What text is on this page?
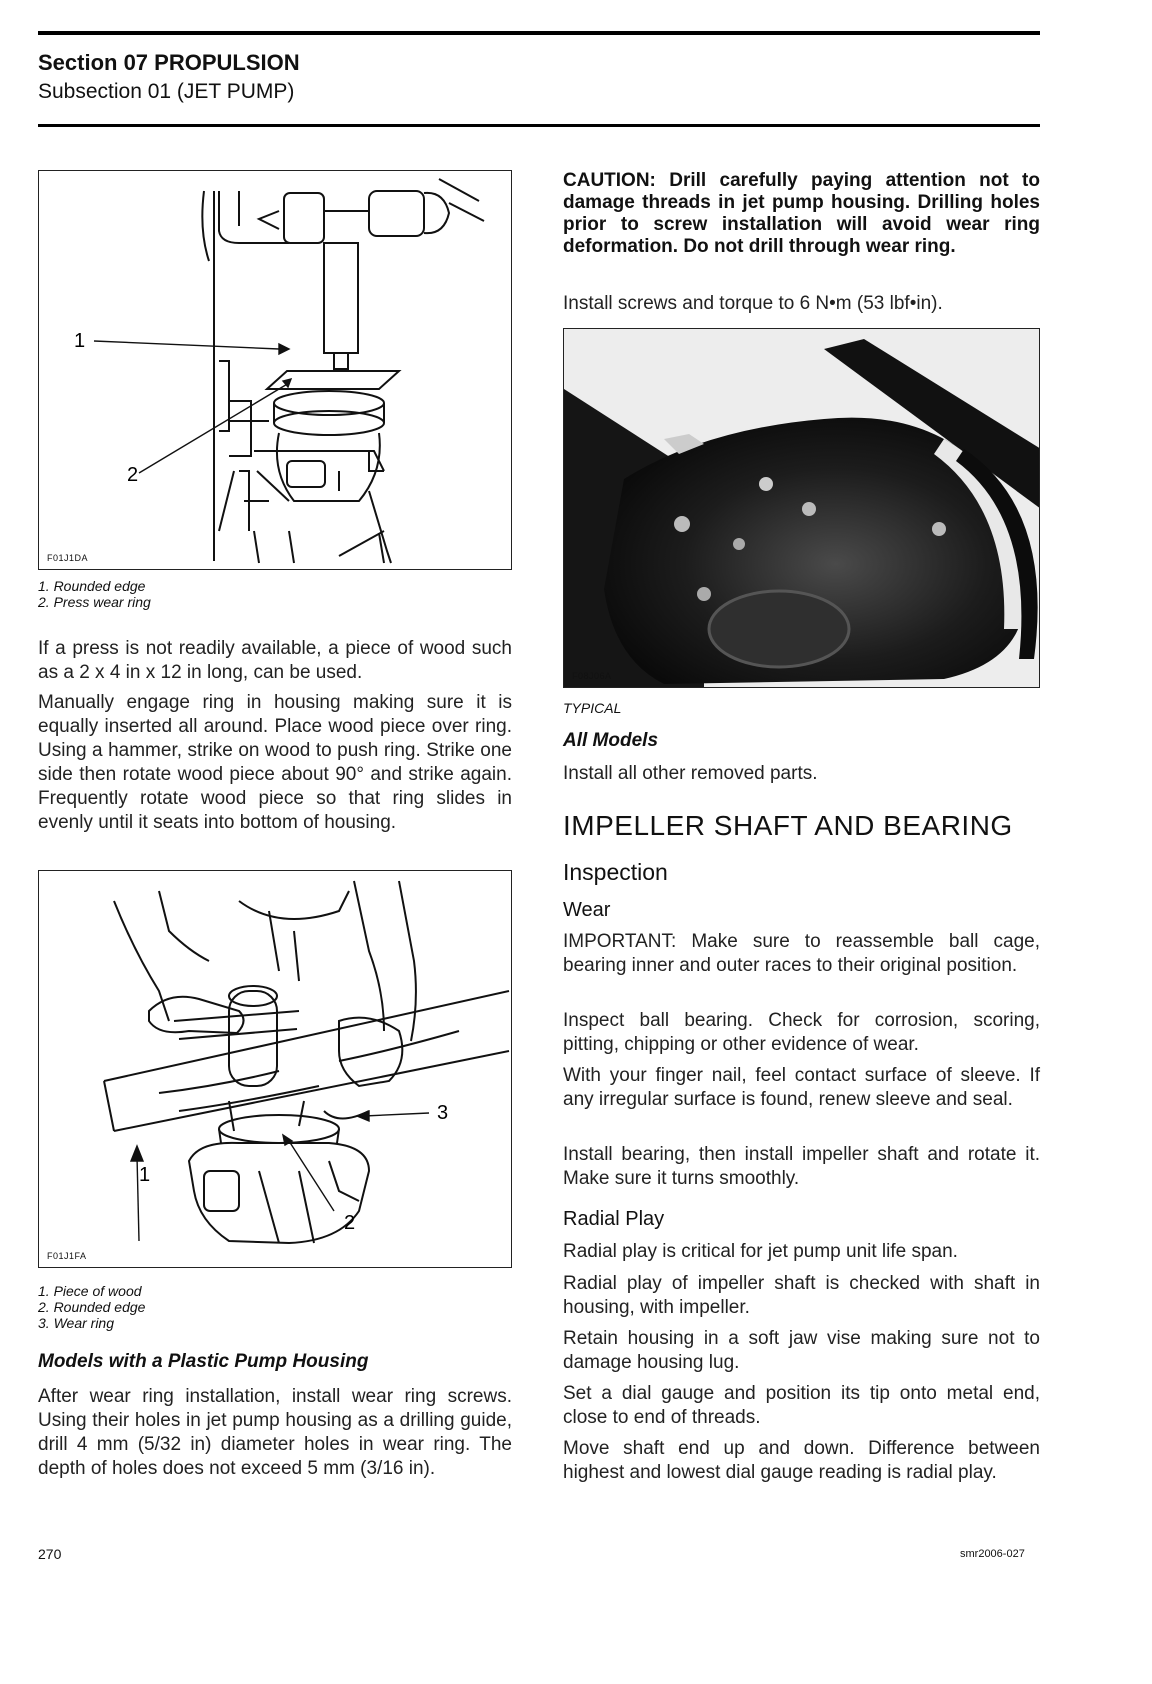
Section 07 PROPULSION
Subsection 01 (JET PUMP)
1
2
F01J1DA
1. Rounded edge
2. Press wear ring

If a press is not readily available, a piece of wood such as a 2 x 4 in x 12 in long, can be used.

Manually engage ring in housing making sure it is equally inserted all around. Place wood piece over ring. Using a hammer, strike on wood to push ring. Strike one side then rotate wood piece about 90° and strike again. Frequently rotate wood piece so that ring slides in evenly until it seats into bottom of housing.

1
2
3
F01J1FA
1. Piece of wood
2. Rounded edge
3. Wear ring
Models with a Plastic Pump Housing

After wear ring installation, install wear ring screws. Using their holes in jet pump housing as a drilling guide, drill 4 mm (5/32 in) diameter holes in wear ring. The depth of holes does not exceed 5 mm (3/16 in).

CAUTION: Drill carefully paying attention not to damage threads in jet pump housing. Drilling holes prior to screw installation will avoid wear ring deformation. Do not drill through wear ring.

Install screws and torque to 6 N•m (53 lbf•in).

F08J06A
TYPICAL
All Models

Install all other removed parts.

IMPELLER SHAFT AND BEARING
Inspection
Wear

IMPORTANT: Make sure to reassemble ball cage, bearing inner and outer races to their original position.

Inspect ball bearing. Check for corrosion, scoring, pitting, chipping or other evidence of wear.

With your finger nail, feel contact surface of sleeve. If any irregular surface is found, renew sleeve and seal.

Install bearing, then install impeller shaft and rotate it. Make sure it turns smoothly.

Radial Play

Radial play is critical for jet pump unit life span.

Radial play of impeller shaft is checked with shaft in housing, with impeller.

Retain housing in a soft jaw vise making sure not to damage housing lug.

Set a dial gauge and position its tip onto metal end, close to end of threads.

Move shaft end up and down. Difference between highest and lowest dial gauge reading is radial play.

270	smr2006-027
